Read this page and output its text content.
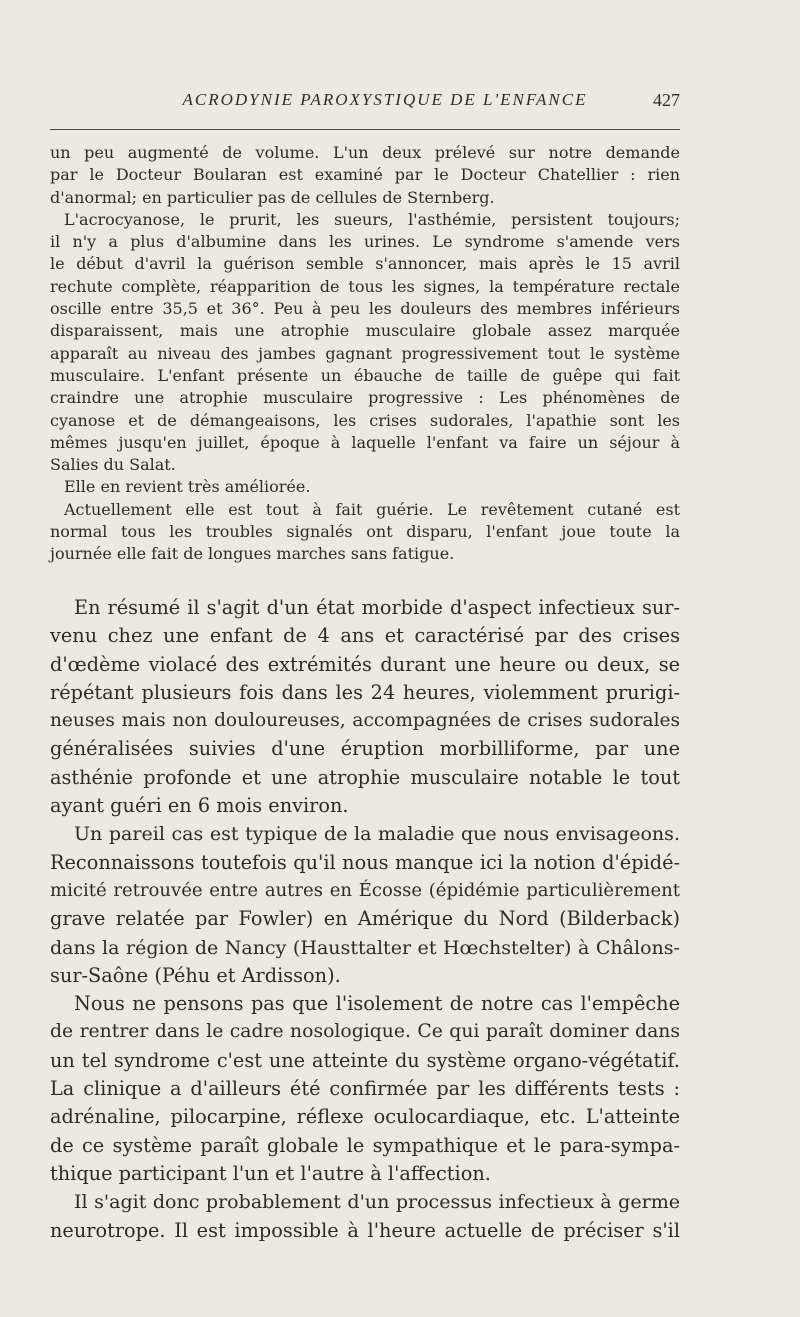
ACRODYNIE PAROXYSTIQUE DE L'ENFANCE	427
un peu augmenté de volume. L'un deux prélevé sur notre demande
par le Docteur Boularan est examiné par le Docteur Chatellier : rien
d'anormal; en particulier pas de cellules de Sternberg.
L'acrocyanose, le prurit, les sueurs, l'asthémie, persistent toujours;
il n'y a plus d'albumine dans les urines. Le syndrome s'amende vers
le début d'avril la guérison semble s'annoncer, mais après le 15 avril
rechute complète, réapparition de tous les signes, la température rectale
oscille entre 35,5 et 36°. Peu à peu les douleurs des membres inférieurs
disparaissent, mais une atrophie musculaire globale assez marquée
apparaît au niveau des jambes gagnant progressivement tout le système
musculaire. L'enfant présente un ébauche de taille de guêpe qui fait
craindre une atrophie musculaire progressive : Les phénomènes de
cyanose et de démangeaisons, les crises sudorales, l'apathie sont les
mêmes jusqu'en juillet, époque à laquelle l'enfant va faire un séjour à
Salies du Salat.
Elle en revient très améliorée.
Actuellement elle est tout à fait guérie. Le revêtement cutané est
normal tous les troubles signalés ont disparu, l'enfant joue toute la
journée elle fait de longues marches sans fatigue.
En résumé il s'agit d'un état morbide d'aspect infectieux sur-
venu chez une enfant de 4 ans et caractérisé par des crises
d'œdème violacé des extrémités durant une heure ou deux, se
répétant plusieurs fois dans les 24 heures, violemment prurigi-
neuses mais non douloureuses, accompagnées de crises sudorales
généralisées suivies d'une éruption morbilliforme, par une
asthénie profonde et une atrophie musculaire notable le tout
ayant guéri en 6 mois environ.
Un pareil cas est typique de la maladie que nous envisageons.
Reconnaissons toutefois qu'il nous manque ici la notion d'épidé-
micité retrouvée entre autres en Écosse (épidémie particulièrement
grave relatée par Fowler) en Amérique du Nord (Bilderback)
dans la région de Nancy (Hausttalter et Hœchstelter) à Châlons-
sur-Saône (Péhu et Ardisson).
Nous ne pensons pas que l'isolement de notre cas l'empêche
de rentrer dans le cadre nosologique. Ce qui paraît dominer dans
un tel syndrome c'est une atteinte du système organo-végétatif.
La clinique a d'ailleurs été confirmée par les différents tests :
adrénaline, pilocarpine, réflexe oculocardiaque, etc. L'atteinte
de ce système paraît globale le sympathique et le para-sympa-
thique participant l'un et l'autre à l'affection.
Il s'agit donc probablement d'un processus infectieux à germe
neurotrope. Il est impossible à l'heure actuelle de préciser s'il
